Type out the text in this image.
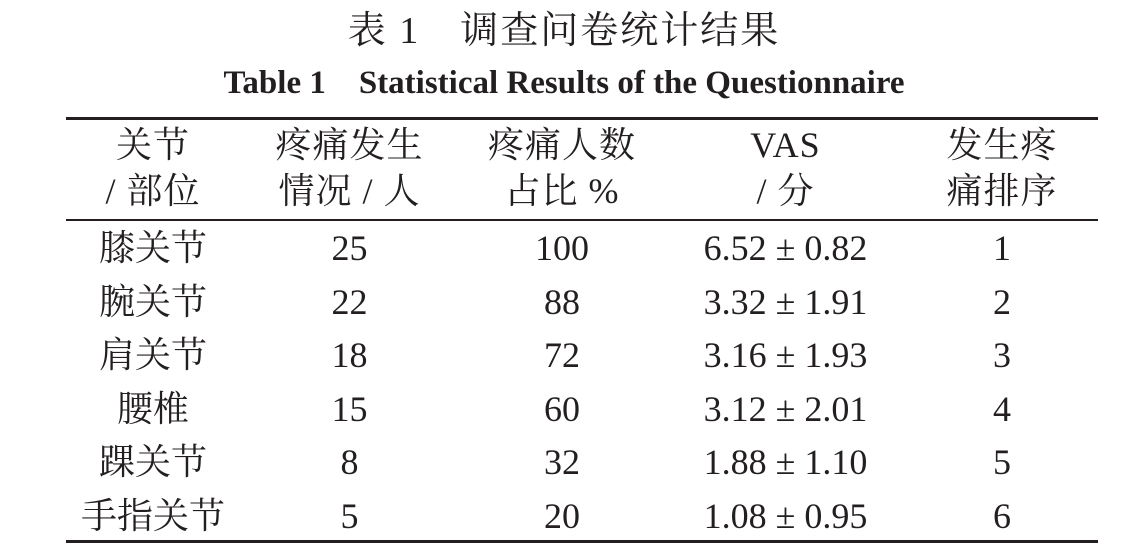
表 1　调查问卷统计结果
Table 1　Statistical Results of the Questionnaire
关节	疼痛发生	疼痛人数	VAS	发生疼
/ 部位	情况 / 人	占比 %	/ 分	痛排序
膝关节	25	100	6.52 ± 0.82	1
腕关节	22	88	3.32 ± 1.91	2
肩关节	18	72	3.16 ± 1.93	3
腰椎	15	60	3.12 ± 2.01	4
踝关节	8	32	1.88 ± 1.10	5
手指关节	5	20	1.08 ± 0.95	6
